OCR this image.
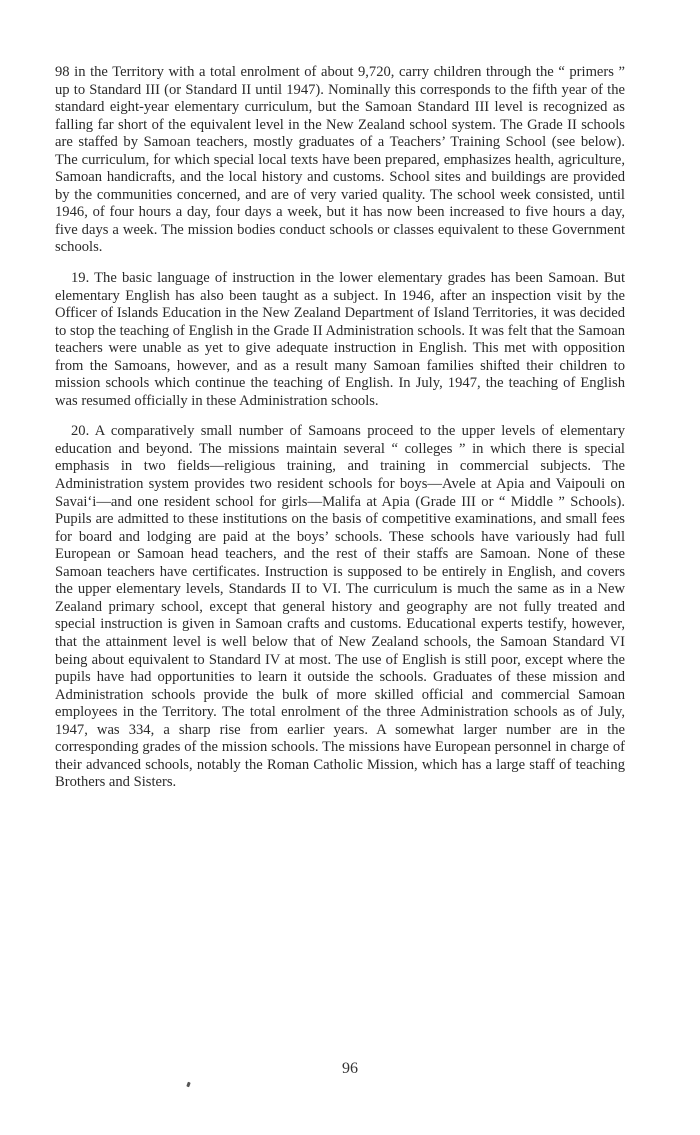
98 in the Territory with a total enrolment of about 9,720, carry children through the “ primers ” up to Standard III (or Standard II until 1947). Nominally this corresponds to the fifth year of the standard eight-year elementary curriculum, but the Samoan Standard III level is recognized as falling far short of the equivalent level in the New Zealand school system. The Grade II schools are staffed by Samoan teachers, mostly graduates of a Teachers’ Training School (see below). The curriculum, for which special local texts have been prepared, emphasizes health, agriculture, Samoan handicrafts, and the local history and customs. School sites and buildings are provided by the communities concerned, and are of very varied quality. The school week consisted, until 1946, of four hours a day, four days a week, but it has now been increased to five hours a day, five days a week. The mission bodies conduct schools or classes equivalent to these Government schools.

19. The basic language of instruction in the lower elementary grades has been Samoan. But elementary English has also been taught as a subject. In 1946, after an inspection visit by the Officer of Islands Education in the New Zealand Department of Island Territories, it was decided to stop the teaching of English in the Grade II Administration schools. It was felt that the Samoan teachers were unable as yet to give adequate instruction in English. This met with opposition from the Samoans, however, and as a result many Samoan families shifted their children to mission schools which continue the teaching of English. In July, 1947, the teaching of English was resumed officially in these Administration schools.

20. A comparatively small number of Samoans proceed to the upper levels of elementary education and beyond. The missions maintain several “ colleges ” in which there is special emphasis in two fields—religious training, and training in commercial subjects. The Administration system provides two resident schools for boys—Avele at Apia and Vaipouli on Savai‘i—and one resident school for girls—Malifa at Apia (Grade III or “ Middle ” Schools). Pupils are admitted to these institutions on the basis of competitive examinations, and small fees for board and lodging are paid at the boys’ schools. These schools have variously had full European or Samoan head teachers, and the rest of their staffs are Samoan. None of these Samoan teachers have certificates. Instruction is supposed to be entirely in English, and covers the upper elementary levels, Standards II to VI. The curriculum is much the same as in a New Zealand primary school, except that general history and geography are not fully treated and special instruction is given in Samoan crafts and customs. Educational experts testify, however, that the attainment level is well below that of New Zealand schools, the Samoan Standard VI being about equivalent to Standard IV at most. The use of English is still poor, except where the pupils have had opportunities to learn it outside the schools. Graduates of these mission and Administration schools provide the bulk of more skilled official and commercial Samoan employees in the Territory. The total enrolment of the three Administration schools as of July, 1947, was 334, a sharp rise from earlier years. A somewhat larger number are in the corresponding grades of the mission schools. The missions have European personnel in charge of their advanced schools, notably the Roman Catholic Mission, which has a large staff of teaching Brothers and Sisters.

96
